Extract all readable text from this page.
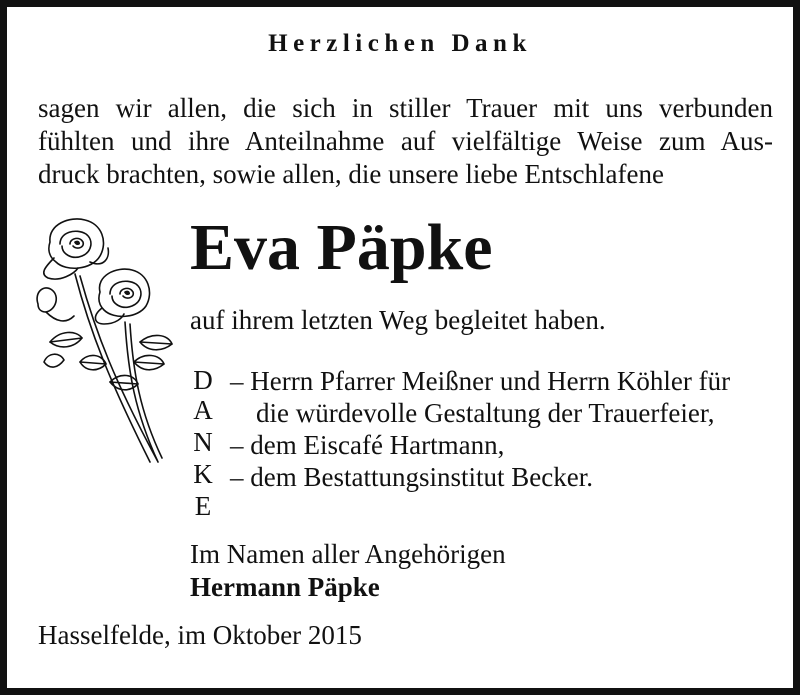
Herzlichen Dank
sagen wir allen, die sich in stiller Trauer mit uns verbunden
fühlten und ihre Anteilnahme auf vielfältige Weise zum Aus-
druck brachten, sowie allen, die unsere liebe Entschlafene
Eva Päpke
auf ihrem letzten Weg begleitet haben.
D
A
N
K
E
– Herrn Pfarrer Meißner und Herrn Köhler für
die würdevolle Gestaltung der Trauerfeier,
– dem Eiscafé Hartmann,
– dem Bestattungsinstitut Becker.
Im Namen aller Angehörigen
Hermann Päpke
Hasselfelde, im Oktober 2015
